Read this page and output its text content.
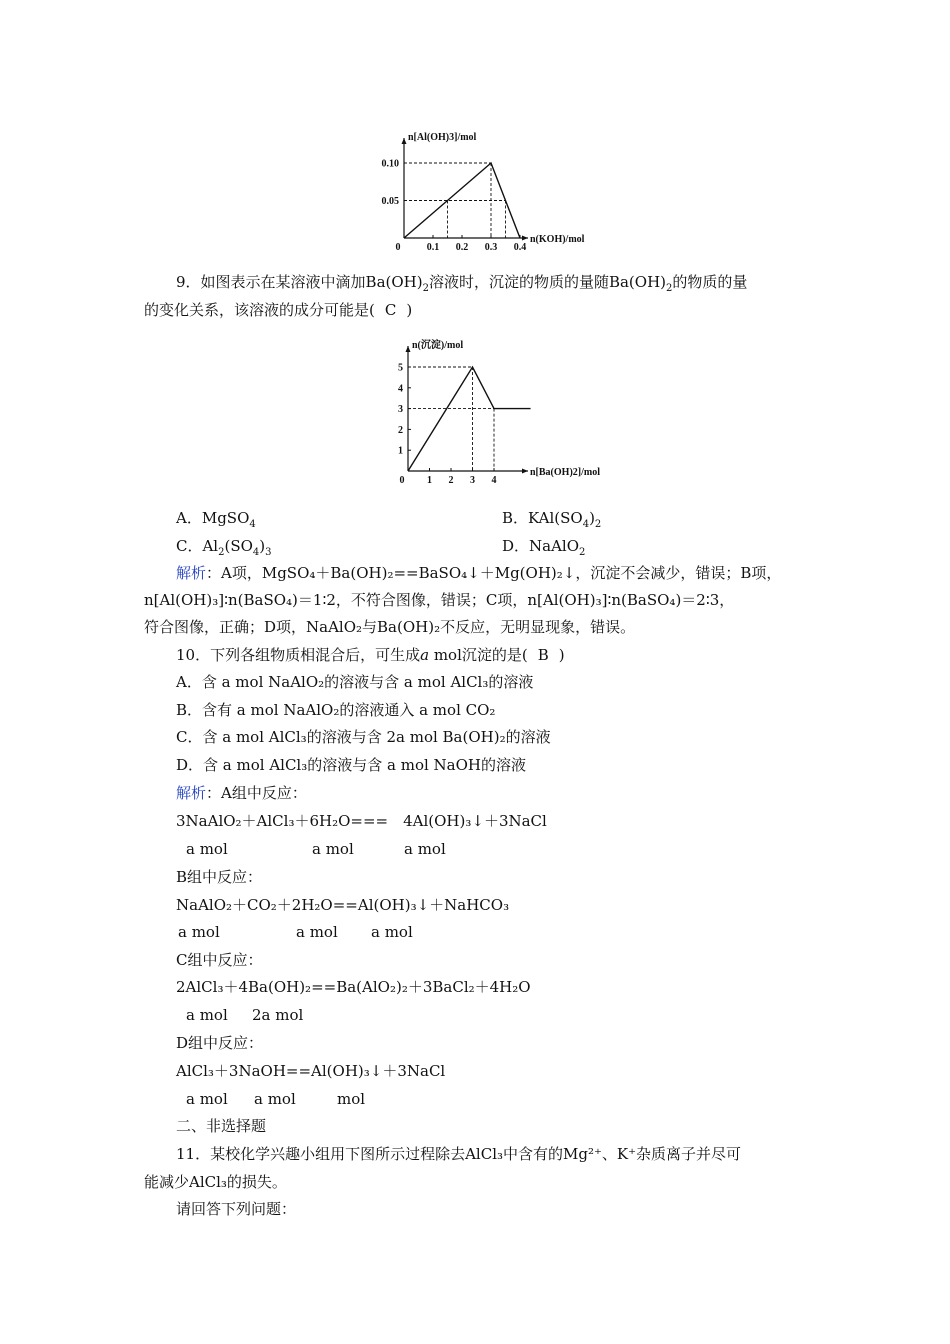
0	0.1 0.2 0.3 0.4
0.05
0.10
n[Al(OH)3]/mol
n(KOH)/mol
9．如图表示在某溶液中滴加$Ba(OH)_2$溶液时，沉淀的物质的量随$Ba(OH)_2$的物质的量
的变化关系，该溶液的成分可能是( C )
0 1 2 3 4
1
2
3
4
5
n(沉淀)/mol
n[Ba(OH)2]/mol
A．MgSO$_4$	B．$KAl(SO_4)_2$
C．$Al_2(SO_4)_3$	D．NaAlO$_2$
解析：A项，MgSO₄＋Ba(OH)₂==BaSO₄↓＋Mg(OH)₂↓，沉淀不会减少，错误；B项，
n[Al(OH)₃]∶n(BaSO₄)＝1∶2，不符合图像，错误；C项，n[Al(OH)₃]∶n(BaSO₄)＝2∶3，
符合图像，正确；D项，NaAlO₂与Ba(OH)₂不反应，无明显现象，错误。
10．下列各组物质相混合后，可生成a mol沉淀的是( B )
A．含 a mol NaAlO₂的溶液与含 a mol AlCl₃的溶液
B．含有 a mol NaAlO₂的溶液通入 a mol CO₂
C．含 a mol AlCl₃的溶液与含 2a mol Ba(OH)₂的溶液
D．含 a mol AlCl₃的溶液与含 a mol NaOH的溶液
解析：A组中反应：
3NaAlO₂＋AlCl₃＋6H₂O===　4Al(OH)₃↓＋3NaCl
a mol	a mol	a mol
B组中反应：
NaAlO₂＋CO₂＋2H₂O==Al(OH)₃↓＋NaHCO₃
a mol	a mol a mol
C组中反应：
2AlCl₃＋4Ba(OH)₂==Ba(AlO₂)₂＋3BaCl₂＋4H₂O
a mol 2a mol
D组中反应：
AlCl₃＋3NaOH==Al(OH)₃↓＋3NaCl
a mol a mol	mol
二、非选择题
11．某校化学兴趣小组用下图所示过程除去AlCl₃中含有的Mg²⁺、K⁺杂质离子并尽可
能减少AlCl₃的损失。
请回答下列问题：
